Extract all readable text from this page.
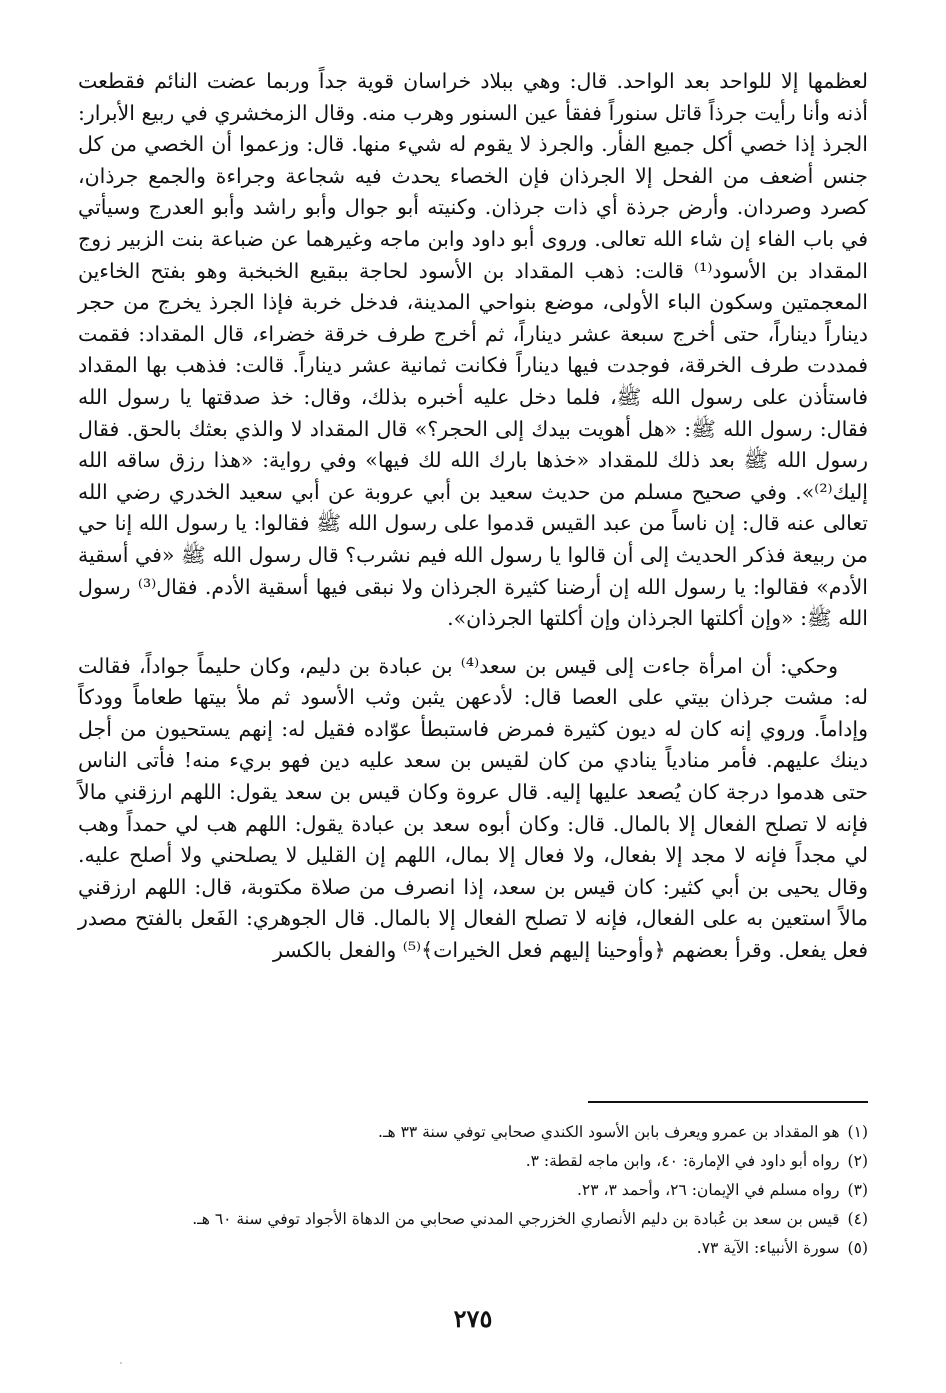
لعظمها إلا للواحد بعد الواحد. قال: وهي ببلاد خراسان قوية جداً وربما عضت النائم فقطعت أذنه وأنا رأيت جرذاً قاتل سنوراً ففقأ عين السنور وهرب منه. وقال الزمخشري في ربيع الأبرار: الجرذ إذا خصي أكل جميع الفأر. والجرذ لا يقوم له شيء منها. قال: وزعموا أن الخصي من كل جنس أضعف من الفحل إلا الجرذان فإن الخصاء يحدث فيه شجاعة وجراءة والجمع جرذان، كصرد وصردان. وأرض جرذة أي ذات جرذان. وكنيته أبو جوال وأبو راشد وأبو العدرج وسيأتي في باب الفاء إن شاء الله تعالى. وروى أبو داود وابن ماجه وغيرهما عن ضباعة بنت الزبير زوج المقداد بن الأسود⁽¹⁾ قالت: ذهب المقداد بن الأسود لحاجة ببقيع الخبخبة وهو بفتح الخاءين المعجمتين وسكون الباء الأولى، موضع بنواحي المدينة، فدخل خربة فإذا الجرذ يخرج من حجر ديناراً ديناراً، حتى أخرج سبعة عشر ديناراً، ثم أخرج طرف خرقة خضراء، قال المقداد: فقمت فمددت طرف الخرقة، فوجدت فيها ديناراً فكانت ثمانية عشر ديناراً. قالت: فذهب بها المقداد فاستأذن على رسول الله ﷺ، فلما دخل عليه أخبره بذلك، وقال: خذ صدقتها يا رسول الله فقال: رسول الله ﷺ: «هل أهويت بيدك إلى الحجر؟» قال المقداد لا والذي بعثك بالحق. فقال رسول الله ﷺ بعد ذلك للمقداد «خذها بارك الله لك فيها» وفي رواية: «هذا رزق ساقه الله إليك⁽²⁾». وفي صحيح مسلم من حديث سعيد بن أبي عروبة عن أبي سعيد الخدري رضي الله تعالى عنه قال: إن ناساً من عبد القيس قدموا على رسول الله ﷺ فقالوا: يا رسول الله إنا حي من ربيعة فذكر الحديث إلى أن قالوا يا رسول الله فيم نشرب؟ قال رسول الله ﷺ «في أسقية الأدم» فقالوا: يا رسول الله إن أرضنا كثيرة الجرذان ولا نبقى فيها أسقية الأدم. فقال⁽³⁾ رسول الله ﷺ: «وإن أكلتها الجرذان وإن أكلتها الجرذان».

وحكي: أن امرأة جاءت إلى قيس بن سعد⁽⁴⁾ بن عبادة بن دليم، وكان حليماً جواداً، فقالت له: مشت جرذان بيتي على العصا قال: لأدعهن يثبن وثب الأسود ثم ملأ بيتها طعاماً وودكاً وإداماً. وروي إنه كان له ديون كثيرة فمرض فاستبطأ عوّاده فقيل له: إنهم يستحيون من أجل دينك عليهم. فأمر منادياً ينادي من كان لقيس بن سعد عليه دين فهو بريء منه! فأتى الناس حتى هدموا درجة كان يُصعد عليها إليه. قال عروة وكان قيس بن سعد يقول: اللهم ارزقني مالاً فإنه لا تصلح الفعال إلا بالمال. قال: وكان أبوه سعد بن عبادة يقول: اللهم هب لي حمداً وهب لي مجداً فإنه لا مجد إلا بفعال، ولا فعال إلا بمال، اللهم إن القليل لا يصلحني ولا أصلح عليه. وقال يحيى بن أبي كثير: كان قيس بن سعد، إذا انصرف من صلاة مكتوبة، قال: اللهم ارزقني مالاً استعين به على الفعال، فإنه لا تصلح الفعال إلا بالمال. قال الجوهري: الفَعل بالفتح مصدر فعل يفعل. وقرأ بعضهم ﴿وأوحينا إليهم فعل الخيرات﴾⁽⁵⁾ والفعل بالكسر

(١)هو المقداد بن عمرو ويعرف بابن الأسود الكندي صحابي توفي سنة ٣٣ هـ.
(٢)رواه أبو داود في الإمارة: ٤٠، وابن ماجه لقطة: ٣.
(٣)رواه مسلم في الإيمان: ٢٦، وأحمد ٣، ٢٣.
(٤)قيس بن سعد بن عُبادة بن دليم الأنصاري الخزرجي المدني صحابي من الدهاة الأجواد توفي سنة ٦٠ هـ.
(٥)سورة الأنبياء: الآية ٧٣.
٢٧٥
